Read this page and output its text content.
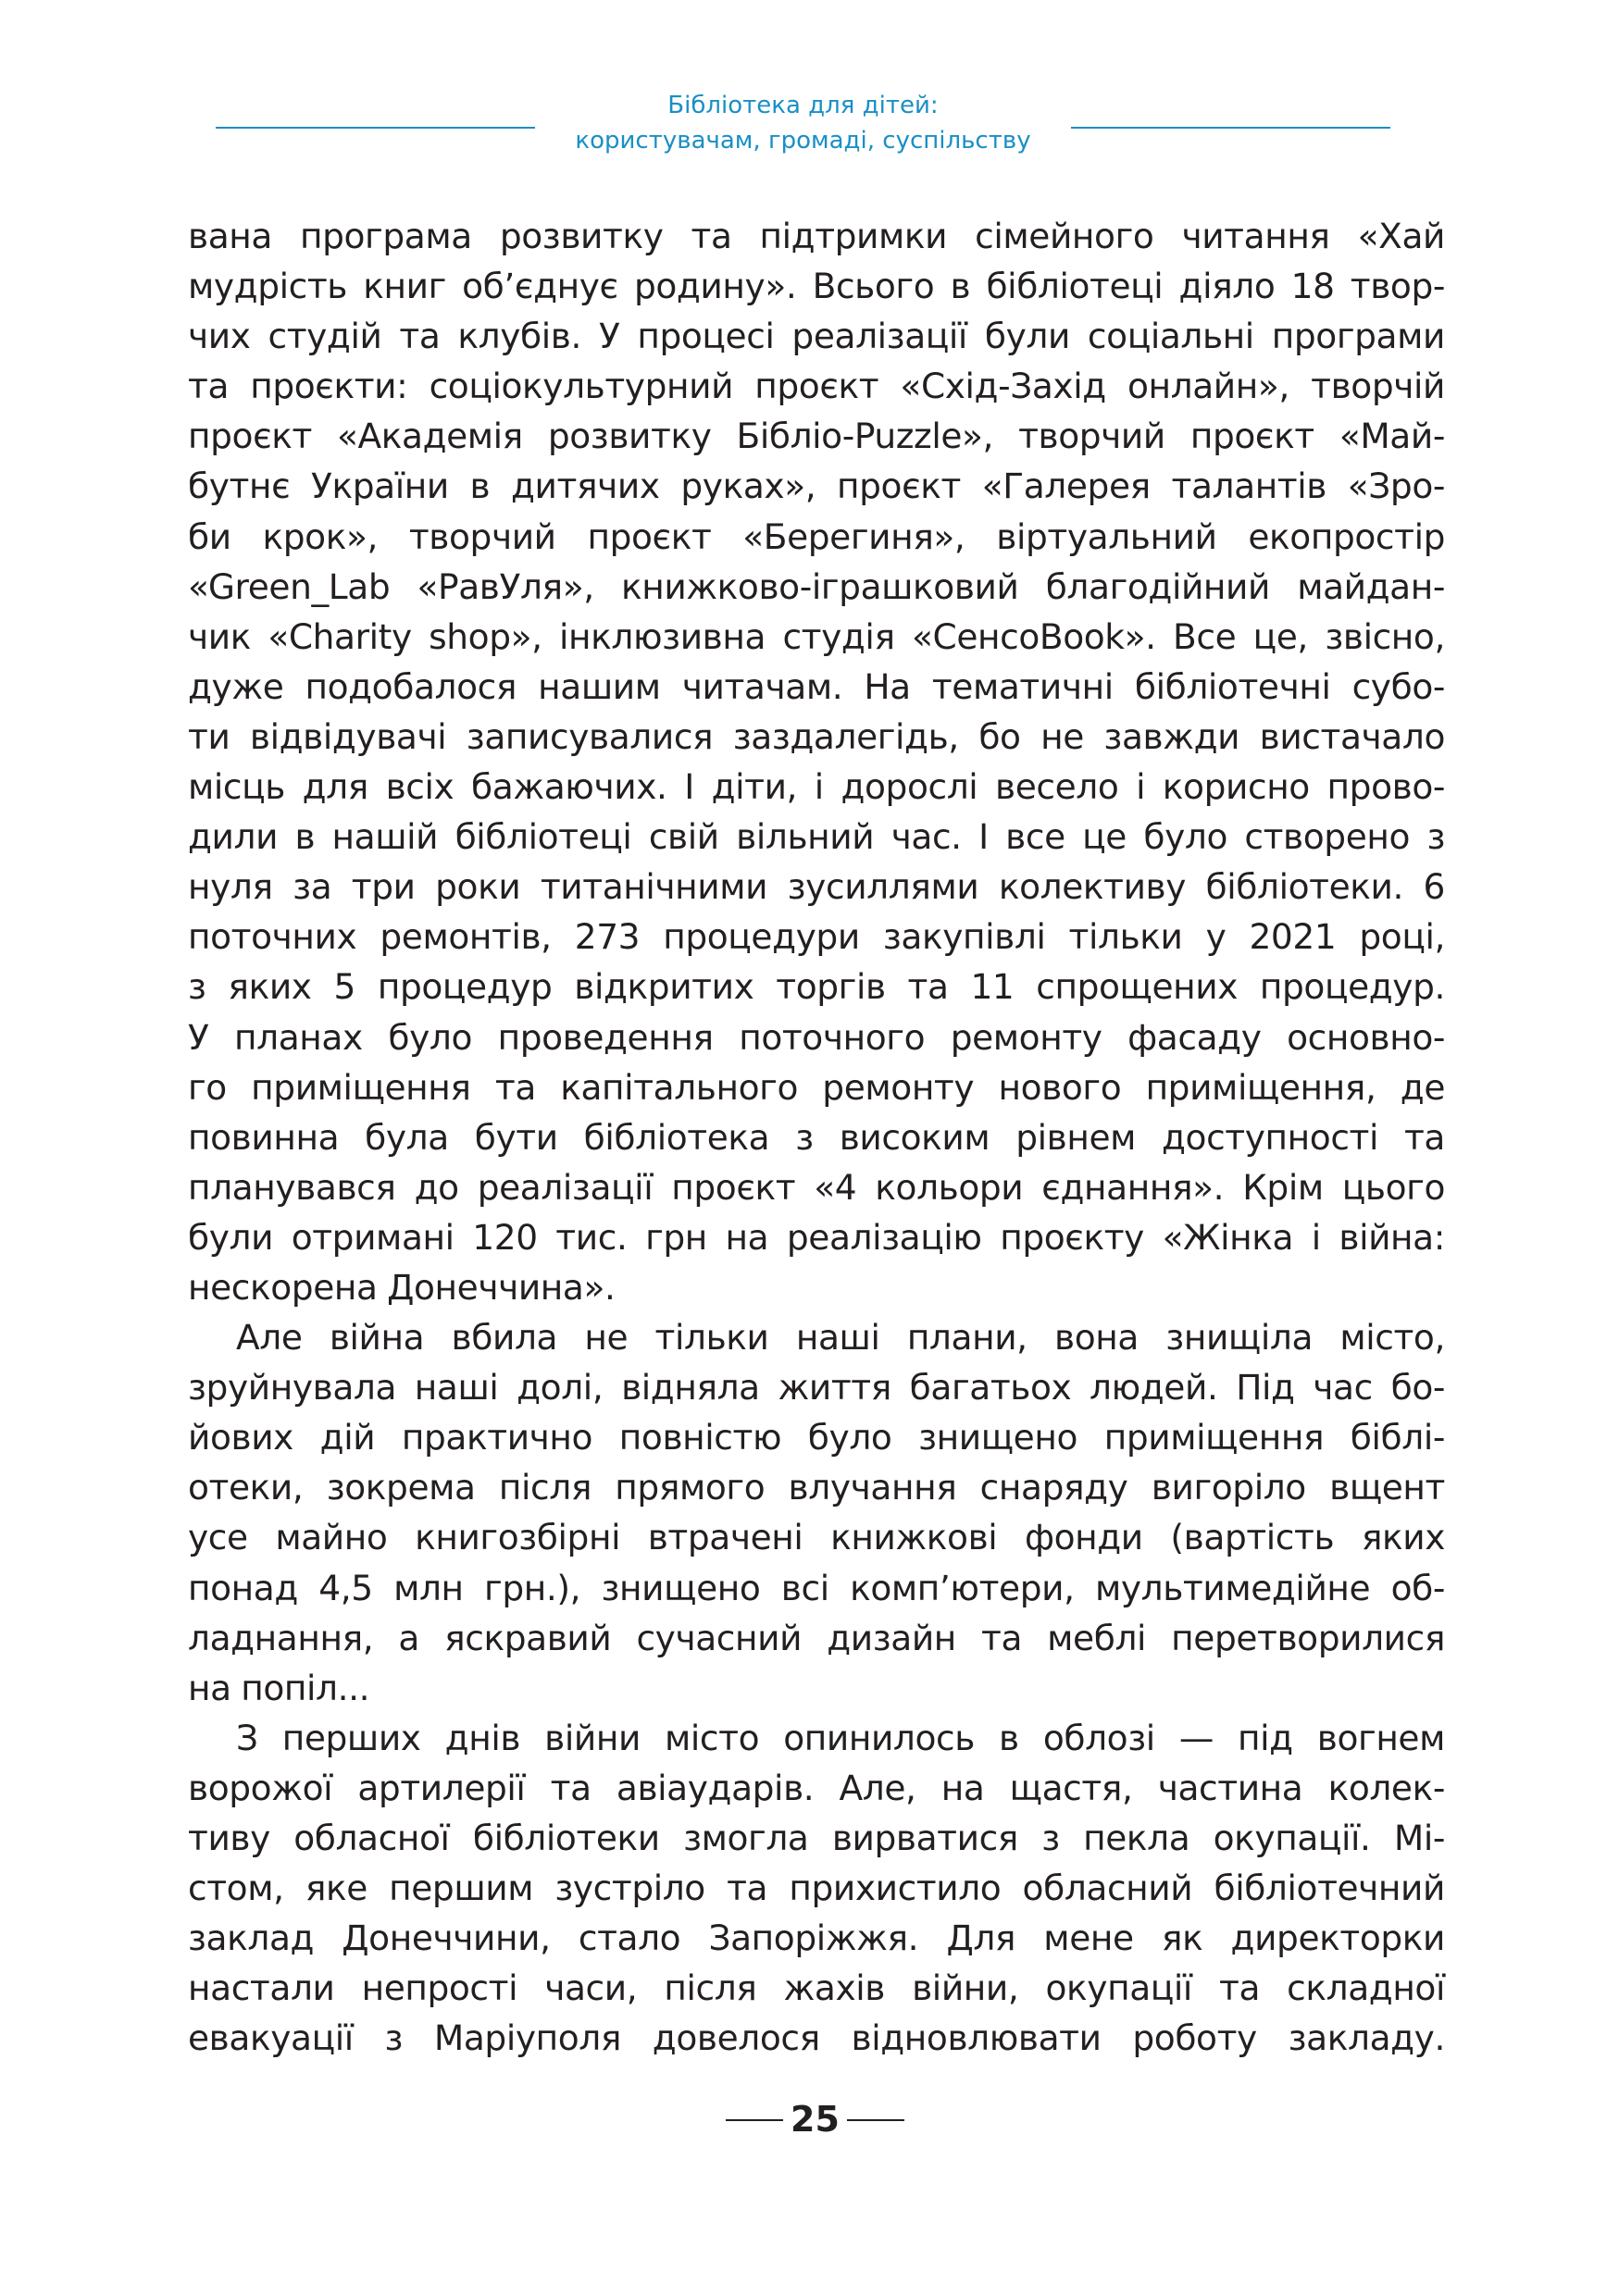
Бібліотека для дітей:
користувачам, громаді, суспільству
вана програма розвитку та підтримки сімейного читання «Хай
мудрість книг об’єднує родину». Всього в бібліотеці діяло 18 твор-
чих студій та клубів. У процесі реалізації були соціальні програми
та проєкти: соціокультурний проєкт «Схід-Захід онлайн», творчій
проєкт «Академія розвитку Бібліо-Puzzle», творчий проєкт «Май-
бутнє України в дитячих руках», проєкт «Галерея талантів «Зро-
би крок», творчий проєкт «Берегиня», віртуальний екопростір
«Green_Lab «РавУля», книжково-іграшковий благодійний майдан-
чик «Charity shop», інклюзивна студія «СенсоBook». Все це, звісно,
дуже подобалося нашим читачам. На тематичні бібліотечні субо-
ти відвідувачі записувалися заздалегідь, бо не завжди вистачало
місць для всіх бажаючих. І діти, і дорослі весело і корисно прово-
дили в нашій бібліотеці свій вільний час. І все це було створено з
нуля за три роки титанічними зусиллями колективу бібліотеки. 6
поточних ремонтів, 273 процедури закупівлі тільки у 2021 році,
з яких 5 процедур відкритих торгів та 11 спрощених процедур.
У планах було проведення поточного ремонту фасаду основно-
го приміщення та капітального ремонту нового приміщення, де
повинна була бути бібліотека з високим рівнем доступності та
планувався до реалізації проєкт «4 кольори єднання». Крім цього
були отримані 120 тис. грн на реалізацію проєкту «Жінка і війна:
нескорена Донеччина».
Але війна вбила не тільки наші плани, вона знищіла місто,
зруйнувала наші долі, відняла життя багатьох людей. Під час бо-
йових дій практично повністю було знищено приміщення біблі-
отеки, зокрема після прямого влучання снаряду вигоріло вщент
усе майно книгозбірні втрачені книжкові фонди (вартість яких
понад 4,5 млн грн.), знищено всі комп’ютери, мультимедійне об-
ладнання, а яскравий сучасний дизайн та меблі перетворилися
на попіл...
З перших днів війни місто опинилось в облозі — під вогнем
ворожої артилерії та авіаударів. Але, на щастя, частина колек-
тиву обласної бібліотеки змогла вирватися з пекла окупації. Мі-
стом, яке першим зустріло та прихистило обласний бібліотечний
заклад Донеччини, стало Запоріжжя. Для мене як директорки
настали непрості часи, після жахів війни, окупації та складної
евакуації з Маріуполя довелося відновлювати роботу закладу.
25
